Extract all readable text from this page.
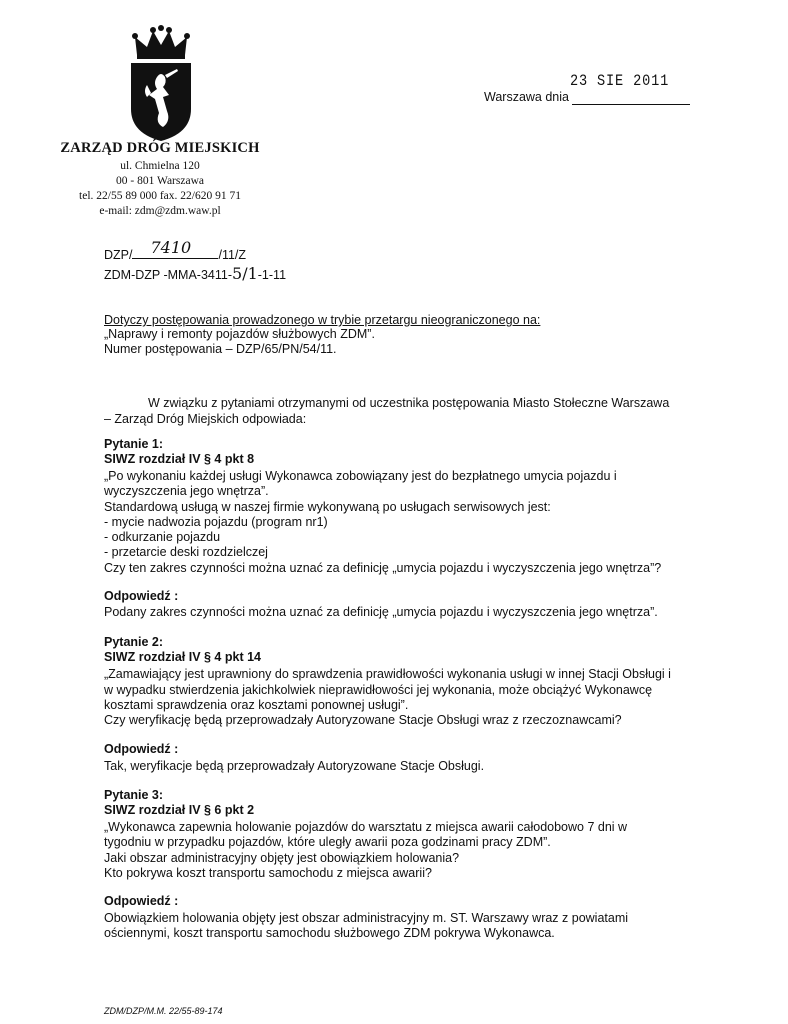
ZARZĄD DRÓG MIEJSKICH
ul. Chmielna 120
00 - 801 Warszawa
tel. 22/55 89 000 fax. 22/620 91 71
e-mail: zdm@zdm.waw.pl
23 SIE 2011
Warszawa dnia
DZP/ 7410 /11/Z
ZDM-DZP -MMA-3411-5/1-1-11
Dotyczy postępowania prowadzonego w trybie przetargu nieograniczonego na:
„Naprawy i remonty pojazdów służbowych ZDM”.
Numer postępowania – DZP/65/PN/54/11.
W związku z pytaniami otrzymanymi od uczestnika postępowania Miasto Stołeczne Warszawa
– Zarząd Dróg Miejskich odpowiada:
Pytanie 1:
SIWZ rozdział IV § 4 pkt 8
„Po wykonaniu każdej usługi Wykonawca zobowiązany jest do bezpłatnego umycia pojazdu i
wyczyszczenia jego wnętrza”.
Standardową usługą w naszej firmie wykonywaną po usługach serwisowych jest:
- mycie nadwozia pojazdu (program nr1)
- odkurzanie pojazdu
- przetarcie deski rozdzielczej
Czy ten zakres czynności można uznać za definicję „umycia pojazdu i wyczyszczenia jego wnętrza”?
Odpowiedź :
Podany zakres czynności można uznać za definicję „umycia pojazdu i wyczyszczenia jego wnętrza”.
Pytanie 2:
SIWZ rozdział IV § 4 pkt 14
„Zamawiający jest uprawniony do sprawdzenia prawidłowości wykonania usługi w innej Stacji Obsługi i
w wypadku stwierdzenia jakichkolwiek nieprawidłowości jej wykonania, może obciążyć Wykonawcę
kosztami sprawdzenia oraz kosztami ponownej usługi”.
Czy weryfikację będą przeprowadzały Autoryzowane Stacje Obsługi wraz z rzeczoznawcami?
Odpowiedź :
Tak, weryfikacje będą przeprowadzały Autoryzowane Stacje Obsługi.
Pytanie 3:
SIWZ rozdział IV § 6 pkt 2
„Wykonawca zapewnia holowanie pojazdów do warsztatu z miejsca awarii całodobowo 7 dni w
tygodniu w przypadku pojazdów, które uległy awarii poza godzinami pracy ZDM”.
Jaki obszar administracyjny objęty jest obowiązkiem holowania?
Kto pokrywa koszt transportu samochodu z miejsca awarii?
Odpowiedź :
Obowiązkiem holowania objęty jest obszar administracyjny m. ST. Warszawy wraz z powiatami
ościennymi, koszt transportu samochodu służbowego ZDM pokrywa Wykonawca.
ZDM/DZP/M.M. 22/55-89-174
